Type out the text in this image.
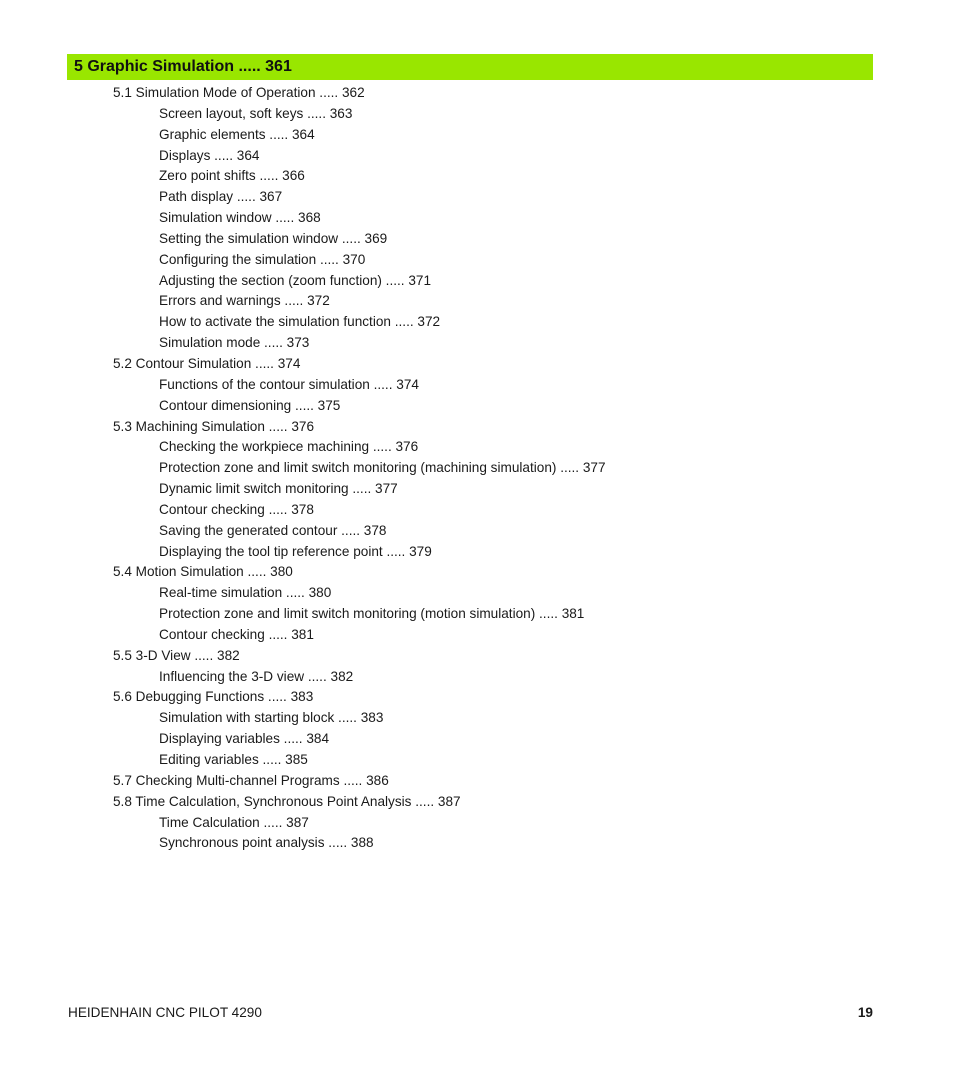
5 Graphic Simulation ..... 361
5.1 Simulation Mode of Operation ..... 362
Screen layout, soft keys ..... 363
Graphic elements ..... 364
Displays ..... 364
Zero point shifts ..... 366
Path display ..... 367
Simulation window ..... 368
Setting the simulation window ..... 369
Configuring the simulation ..... 370
Adjusting the section (zoom function) ..... 371
Errors and warnings ..... 372
How to activate the simulation function ..... 372
Simulation mode ..... 373
5.2 Contour Simulation ..... 374
Functions of the contour simulation ..... 374
Contour dimensioning ..... 375
5.3 Machining Simulation ..... 376
Checking the workpiece machining ..... 376
Protection zone and limit switch monitoring (machining simulation) ..... 377
Dynamic limit switch monitoring ..... 377
Contour checking ..... 378
Saving the generated contour ..... 378
Displaying the tool tip reference point ..... 379
5.4 Motion Simulation ..... 380
Real-time simulation ..... 380
Protection zone and limit switch monitoring (motion simulation) ..... 381
Contour checking ..... 381
5.5 3-D View ..... 382
Influencing the 3-D view ..... 382
5.6 Debugging Functions ..... 383
Simulation with starting block ..... 383
Displaying variables ..... 384
Editing variables ..... 385
5.7 Checking Multi-channel Programs ..... 386
5.8 Time Calculation, Synchronous Point Analysis ..... 387
Time Calculation ..... 387
Synchronous point analysis ..... 388
HEIDENHAIN CNC PILOT 4290	19
